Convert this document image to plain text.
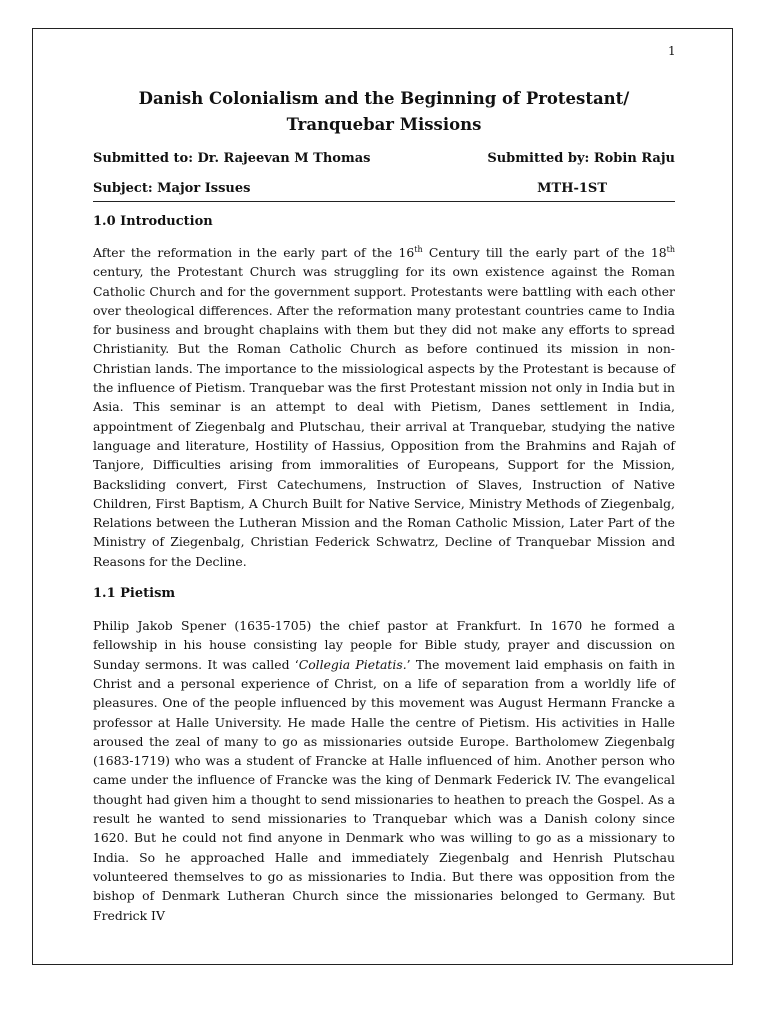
1
Danish Colonialism and the Beginning of Protestant/ Tranquebar Missions
Submitted to: Dr. Rajeevan M Thomas	Submitted by: Robin Raju
Subject: Major Issues	MTH-1ST
1.0 Introduction

After the reformation in the early part of the 16th Century till the early part of the 18th century, the Protestant Church was struggling for its own existence against the Roman Catholic Church and for the government support. Protestants were battling with each other over theological differences. After the reformation many protestant countries came to India for business and brought chaplains with them but they did not make any efforts to spread Christianity. But the Roman Catholic Church as before continued its mission in non-Christian lands. The importance to the missiological aspects by the Protestant is because of the influence of Pietism. Tranquebar was the first Protestant mission not only in India but in Asia. This seminar is an attempt to deal with Pietism, Danes settlement in India, appointment of Ziegenbalg and Plutschau, their arrival at Tranquebar, studying the native language and literature, Hostility of Hassius, Opposition from the Brahmins and Rajah of Tanjore, Difficulties arising from immoralities of Europeans, Support for the Mission, Backsliding convert, First Catechumens, Instruction of Slaves, Instruction of Native Children, First Baptism, A Church Built for Native Service, Ministry Methods of Ziegenbalg, Relations between the Lutheran Mission and the Roman Catholic Mission, Later Part of the Ministry of Ziegenbalg, Christian Federick Schwatrz, Decline of Tranquebar Mission and Reasons for the Decline.

1.1 Pietism

Philip Jakob Spener (1635-1705) the chief pastor at Frankfurt. In 1670 he formed a fellowship in his house consisting lay people for Bible study, prayer and discussion on Sunday sermons. It was called ‘Collegia Pietatis.’ The movement laid emphasis on faith in Christ and a personal experience of Christ, on a life of separation from a worldly life of pleasures. One of the people influenced by this movement was August Hermann Francke a professor at Halle University. He made Halle the centre of Pietism. His activities in Halle aroused the zeal of many to go as missionaries outside Europe. Bartholomew Ziegenbalg (1683-1719) who was a student of Francke at Halle influenced of him. Another person who came under the influence of Francke was the king of Denmark Federick IV. The evangelical thought had given him a thought to send missionaries to heathen to preach the Gospel. As a result he wanted to send missionaries to Tranquebar which was a Danish colony since 1620. But he could not find anyone in Denmark who was willing to go as a missionary to India. So he approached Halle and immediately Ziegenbalg and Henrish Plutschau volunteered themselves to go as missionaries to India. But there was opposition from the bishop of Denmark Lutheran Church since the missionaries belonged to Germany. But Fredrick IV
